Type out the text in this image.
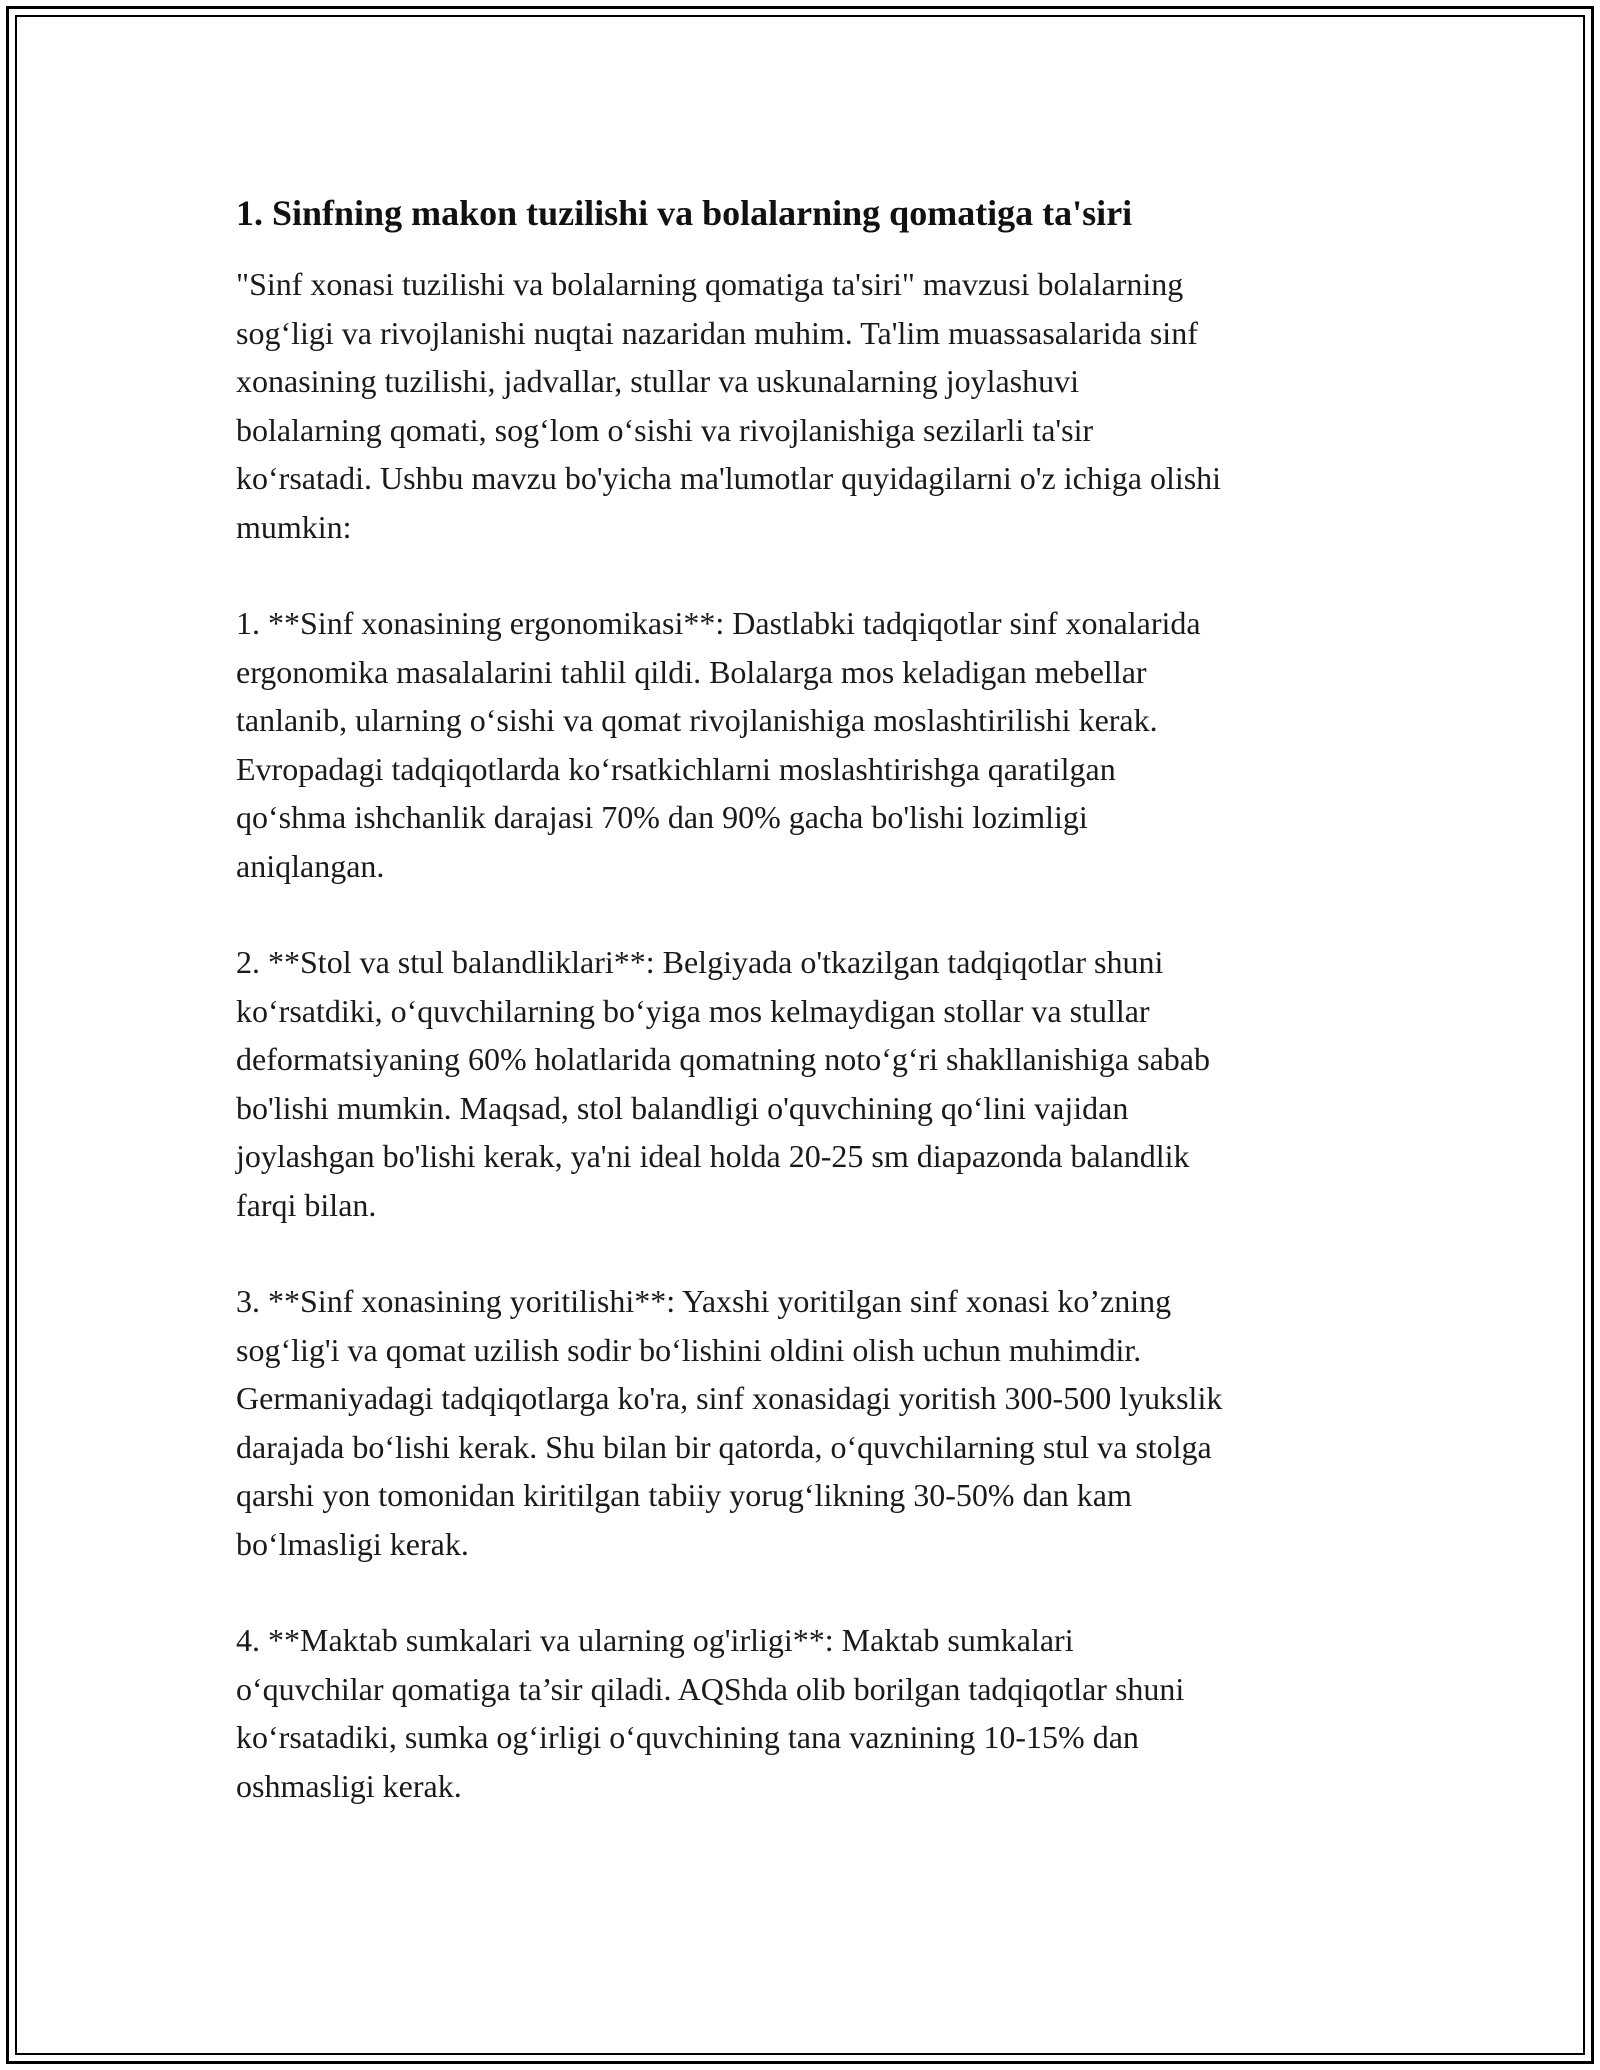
1. Sinfning makon tuzilishi va bolalarning qomatiga ta'siri

"Sinf xonasi tuzilishi va bolalarning qomatiga ta'siri" mavzusi bolalarning
sog‘ligi va rivojlanishi nuqtai nazaridan muhim. Ta'lim muassasalarida sinf
xonasining tuzilishi, jadvallar, stullar va uskunalarning joylashuvi
bolalarning qomati, sog‘lom o‘sishi va rivojlanishiga sezilarli ta'sir
ko‘rsatadi. Ushbu mavzu bo'yicha ma'lumotlar quyidagilarni o'z ichiga olishi
mumkin:

1. **Sinf xonasining ergonomikasi**: Dastlabki tadqiqotlar sinf xonalarida
ergonomika masalalarini tahlil qildi. Bolalarga mos keladigan mebellar
tanlanib, ularning o‘sishi va qomat rivojlanishiga moslashtirilishi kerak.
Evropadagi tadqiqotlarda ko‘rsatkichlarni moslashtirishga qaratilgan
qo‘shma ishchanlik darajasi 70% dan 90% gacha bo'lishi lozimligi
aniqlangan.

2. **Stol va stul balandliklari**: Belgiyada o'tkazilgan tadqiqotlar shuni
ko‘rsatdiki, o‘quvchilarning bo‘yiga mos kelmaydigan stollar va stullar
deformatsiyaning 60% holatlarida qomatning noto‘g‘ri shakllanishiga sabab
bo'lishi mumkin. Maqsad, stol balandligi o'quvchining qo‘lini vajidan
joylashgan bo'lishi kerak, ya'ni ideal holda 20-25 sm diapazonda balandlik
farqi bilan.

3. **Sinf xonasining yoritilishi**: Yaxshi yoritilgan sinf xonasi ko’zning
sog‘lig'i va qomat uzilish sodir bo‘lishini oldini olish uchun muhimdir.
Germaniyadagi tadqiqotlarga ko'ra, sinf xonasidagi yoritish 300-500 lyukslik
darajada bo‘lishi kerak. Shu bilan bir qatorda, o‘quvchilarning stul va stolga
qarshi yon tomonidan kiritilgan tabiiy yorug‘likning 30-50% dan kam
bo‘lmasligi kerak.

4. **Maktab sumkalari va ularning og'irligi**: Maktab sumkalari
o‘quvchilar qomatiga ta’sir qiladi. AQShda olib borilgan tadqiqotlar shuni
ko‘rsatadiki, sumka og‘irligi o‘quvchining tana vaznining 10-15% dan
oshmasligi kerak.
